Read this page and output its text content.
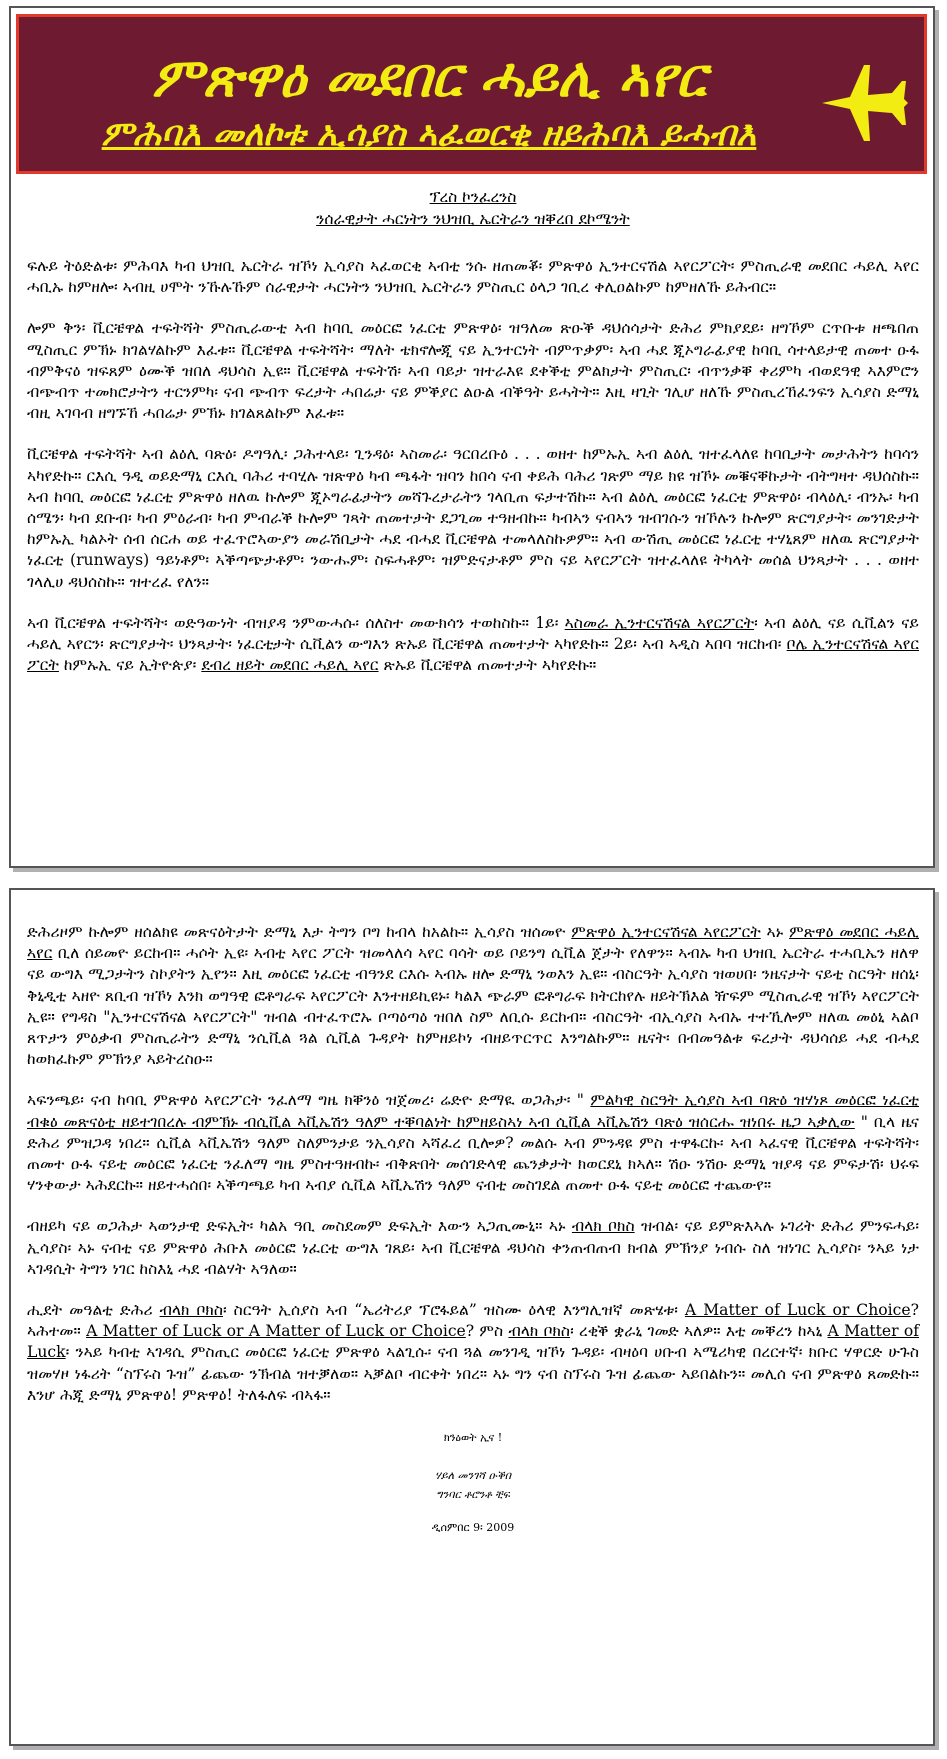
ምጽዋዕ መደበር ሓይሊ ኣየር
ምሕባእ መለኮቱ ኢሳያስ ኣፈወርቂ ዘይሕባእ ይሓብእ
ፕረስ ኮንፈረንስ
ንሰራዊታት ሓርነትን ንህዝቢ ኤርትራን ዝቐረበ ደኮሜንት

ፍሉይ ትዕድልቱ፡ ምሕባእ ካብ ህዝቢ ኤርትራ ዝኾነ ኢሳያስ ኣፈወርቂ ኣብቲ ንሱ ዘጠመቖ፡ ምጽዋዕ ኢንተርናሽል ኣየርፖርት፡ ምስጢራዊ መደበር ሓይሊ ኣየር ሓቢኡ ከምዘሎ፡ ኣብዚ ሀሞት ንኹሉኹም ሰራዊታት ሓርነትን ንህዝቢ ኤርትራን ምስጢር ዕላጋ ገቢረ ቀሊዐልኩም ከምዘለኹ ይሕብር።

ሎም ቅን፡ ቪርቼዋል ተፍትሻት ምስጢራውቲ ኣብ ከባቢ መዕርፎ ነፈርቲ ምጽዋዕ፡ ዝዓለመ ጽዑቕ ዳህሰሳታት ድሕሪ ምክያደይ፡ ዘግኾም ርጥቡቱ ዘጫበጠ ሚስጢር ምኽኑ ክገልሃልኩም እፈቱ። ቪርቼዋል ተፍትሻት፡ ማለት ቴክኖሎጂ ናይ ኢንተርነት ብምጥቃም፡ ኣብ ሓደ ጂኦግራፊያዊ ከባቢ ሳተላይታዊ ጠመተ ዑፋ ብምቅናዕ ዝፍጸም ዕሙቕ ዝበለ ዳህሳስ ኢዩ። ቪርቼዋል ተፍትሽ፡ ኣብ ባይታ ዝተራእዩ ደቀቕቲ ምልክታት ምስጢር፡ ብጥንቃቐ ቀሪምካ ብወደዓዊ ኣእምሮን ብጭብጥ ተመክሮታትን ተርንምካ፡ ናብ ጭብጥ ፍረታት ሓበሬታ ናይ ምቕያር ልዑል ብቕዓት ይሓትት። እዚ ዛጊት ገሊሆ ዘለኹ ምስጢረኸፈንፍን ኢሳያስ ድማኒ ብዚ ኣገባብ ዘግኙኸ ሓበሬታ ምኽኑ ክገልጸልኩም እፈቱ።

ቪርቼዋል ተፍትሻት ኣብ ልዕሊ ባጽዕ፡ ዶግዓሊ፡ ጋሕተላይ፡ ጊንዳዕ፡ ኣስመራ፡ ዓርበረቡዕ . . . ወዘተ ከምኡኢ ኣብ ልዕሊ ዝተፈላለዩ ከባቢታት መታሕትን ከባሳን ኣካየድኩ። ርእሲ ዓዲ ወይድማኒ ርእሲ ባሕሪ ተባሂሉ ዝጽዋዕ ካብ ጫፋት ዝባን ከበሳ ናብ ቀይሕ ባሕሪ ገጽም ማይ ክዩ ዝኾኑ መቑናቐኩታት ብትግዛተ ዳህሰስኩ። ኣብ ከባቢ መዕርፎ ነፈርቲ ምጽዋዕ ዘለዉ ኩሎም ጂኦግራፊታትን መሻጉረታራትን ገላቢጠ ፍታተሽኩ። ኣብ ልዕሊ መዕርፎ ነፈርቲ ምጽዋዕ፡ ብላዕሊ፡ ብንኡ፡ ካብ ሰሜን፡ ካብ ደቡብ፡ ካብ ምዕራብ፡ ካብ ምብራቕ ኩሎም ገጻት ጠመተታት ደጋጊመ ተዓዘብኩ። ካብኣን ናብኣን ዝብገሱን ዝኾሉን ኩሎም ጽርግያታት፡ መንገድታት ከምኡኢ ካልኦት ሰብ ሰርሐ ወይ ተፈጥሮኣውያን መራሽቢታት ሓደ ብሓደ ቪርቼዋል ተመላለስኩዎም። ኣብ ውሽጢ መዕርፎ ነፈርቲ ተሃኒጸም ዘለዉ ጽርግያታት ነፈርቲ (runways) ዓይነቶም፡ ኣቕጣጭታቶም፡ ንውሑም፡ ስፍሓቶም፡ ዝምድናታቶም ምስ ናይ ኣየርፖርት ዝተፈላለዩ ትካላት መሰል ህንጻታት . . . ወዘተ ገላሊሀ ዳህሰስኩ። ዝተረፈ የለን።

ኣብ ቪርቼዋል ተፍትሻት፡ ወድዓውነት ብዝያዳ ንምውሓሱ፡ ሰለስተ መውክሳን ተወከስኩ። 1ይ፡ ኣስመራ ኢንተርናሽናል ኣየርፖርት፡ ኣብ ልዕሊ ናይ ሲቪልን ናይ ሓይሊ ኣየርን፡ ጽርግያታት፡ ህንጻታት፡ ነፈርቲታት ሲቪልን ውግእን ጽኡይ ቪርቼዋል ጠመተታት ኣካየድኩ። 2ይ፡ ኣብ ኣዲስ ኣበባ ዝርከብ፡ ቦሌ ኢንተርናሽናል ኣየር ፖርት ከምኡኢ ናይ ኢትዮጵያ፡ ደብረ ዘይት መደበር ሓይሊ ኣየር ጽኡይ ቪርቼዋል ጠመተታት ኣካየድኩ።

ድሕሪዞም ኩሎም ዘሰልክዩ መጽናዕትታት ድማኒ እታ ትግን ቦግ ከብላ ከአልኩ። ኢሳያስ ዝሰመዮ ምጽዋዕ ኢንተርናሽናል ኣየርፖርት ኣኑ ምጽዋዕ መደበር ሓይሊ ኣየር ቢለ ሰይመዮ ይርከብ። ሓሶት ኢዩ፡ ኣብቲ ኣየር ፖርት ዝመላለሳ ኣየር ባሳት ወይ ቦይንግ ሲቪል ጀታት የለዋን። ኣብኡ ካብ ህዝቢ ኤርትራ ተሓቢኤን ዘለዋ ናይ ውግእ ሚጋታትን ስኮያትን ኢየን። እዚ መዕርፎ ነፈርቲ ብዓንደ ርእሱ ኣብኡ ዘሎ ድማኒ ንወእን ኢዩ። ብስርዓት ኢሳያስ ዝወሀበ፡ ንዜናታት ናይቲ ስርዓት ዘሰኒ፡ ቅኒዲቲ ኣዘዮ ጸቢብ ዝኾነ እንክ ወግዓዊ ፎቶግራፍ ኣየርፖርት እንተዘይኪዩኑ፡ ካልእ ጭራም ፎቶግራፍ ክትርከየሉ ዘይትኽእል ዥፍም ሚስጢራዊ ዝኾነ ኣየርፖርት ኢዩ። የግዳስ "ኢንተርናሽናል ኣየርፖርት" ዝብል ብተፈጥሮኡ ቦጣዕጣዕ ዝበለ ስም ለቢሱ ይርከብ። ብስርዓት ብኢሳያስ ኣብኡ ተተኺሎም ዘለዉ መዕኒ ኣልቦ ጸጥታን ምዕቃብ ምስጢራትን ድማኒ ንሲቪል ጓል ሲቪል ጉዳያት ከምዘይኮነ ብዘይጥርጥር እንግልኩም። ዜናት፡ በብመዓልቱ ፍረታት ዳህሳሰይ ሓደ ብሓደ ከወክፈኩም ምኽንያ ኣይትረስዑ።

ኣፍንጫይ፡ ናብ ከባቢ ምጽዋዕ ኣየርፖርት ንፈለማ ግዜ ክቐንዕ ዝጀመረ፡ ሬድዮ ድማዪ ወጋሕታ፡ " ምልካዊ ስርዓት ኢሳያስ ኣብ ባጽዕ ዝሃነጾ መዕርፎ ነፈርቲ ብቁዕ መጽናዕቲ ዘይተገበረሉ ብምኽኑ ብሲቪል ኣቪኤሽን ዓለም ተቐባልነት ከምዘይስኣነ ኣብ ሲቪል ኣቪኤሽን ባጽዕ ዝሰርሑ ዝነበሩ ዜጋ ኣቃሊው " ቢላ ዜና ድሕሪ ምዝጋዳ ነበረ። ሲቪል ኣቪኤሽን ዓለም ስለምንታይ ንኢሳያስ ኣሻፈረ ቢሎዎ? መልሱ ኣብ ምንዳዩ ምስ ተዋፋርኩ፡ ኣብ ኣፈናዊ ቪርቼዋል ተፍትሻት፡ ጠመተ ዑፋ ናይቲ መዕርፎ ነፈርቲ ንፈለማ ግዜ ምስተዓዘብኩ፡ ብቅጽበት መሰገድላዊ ጨንቃታት ክወርደኒ ክኣለ። ሽዑ ንሽዑ ድማኒ ዝያዳ ናይ ምፍታሽ፡ ህሩፍ ሃንቀውታ ኣሕደርኩ። ዘይተሓሰበ፡ ኣቕጣጫይ ካብ ኣብያ ሲቪል ኣቪኤሽን ዓለም ናብቲ መስገደል ጠመተ ዑፋ ናይቲ መዕርፎ ተጨውየ።

ብዘይካ ናይ ወጋሕታ ኣወንታዊ ድፍኢት፡ ካልአ ዓቢ መስደመም ድፍኢት እውን ኣጋጢሙኒ። ኣኑ ብላክ ቦክስ ዝብል፡ ናይ ይምጽእኣሉ ኑገሪት ድሕሪ ምንፍሓይ፡ ኢሳያስ፡ ኣኑ ናብቲ ናይ ምጽዋዕ ሕቡእ መዕርፎ ነፈርቲ ውግእ ገጸይ፡ ኣብ ቪርቼዋል ዳህሳስ ቀንጠብጠብ ክብል ምኽንያ ነብሱ ስለ ዝነገር ኢሳያስ፡ ንኣይ ነታ ኣገዳሲት ትግን ነገር ከስእኒ ሓደ ብልሃት ኣዓለወ።

ሒደት መዓልቲ ድሕሪ ብላክ ቦክስ፡ ስርዓት ኢሰያስ ኣብ “ኤሪትሪያ ፕሮፋይል” ዝስሙ ዕላዊ እንግሊዝኛ መጽሄቱ፡ A Matter of Luck or Choice? ኣሕተመ። A Matter of Luck or A Matter of Luck or Choice? ምስ ብላክ ቦክስ፡ ረቂቕ ቋራኒ ገመድ ኣለዎ። እቲ መቐረን ከኣኒ A Matter of Luck፡ ንኣይ ካብቲ ኣገዳሲ ምስጢር መዕርፎ ነፈርቲ ምጽዋዕ ኣልጊሱ፡ ናብ ጓል መንገዲ ዝኾነ ጉዳይ፡ ብዛዕባ ሀቡብ ኣሜሪካዊ በረርተኛ፡ ክቡር ሃዋርድ ሁጉስ ዝመሃዞ ነፋሪት “ስፕሩስ ጉዝ” ፊጨው ንኽብል ዝተቓለወ። ኣቓልቦ ብርቀት ነበረ። ኣኑ ግን ናብ ስፕሩስ ጉዝ ፊጨው ኣይበልኩን። መሊሰ ናብ ምጽዋዕ ጸመድኩ። እንሆ ሕጂ ድማኒ ምጽዋዕ! ምጽዋዕ! ትለፋለፍ ብኣፋ።

ክንዕወት ኢና !
ሃይለ መንገሻ ዑቕበ
ግንባር ቶሮንቶ ቺፍ
ዲሰምበር 9፡ 2009
